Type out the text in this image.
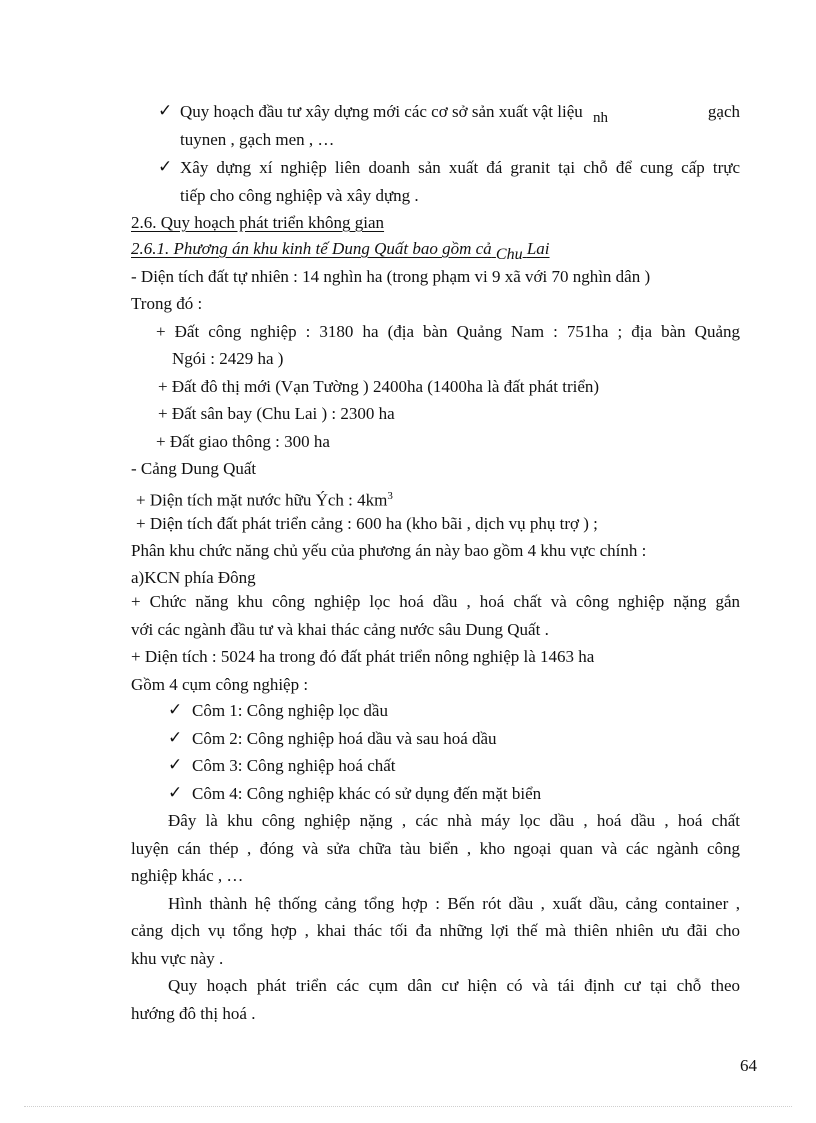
✓ Quy hoạch đầu tư xây dựng mới các cơ sở sản xuất vật liệu nh	gạch
tuynen , gạch men , …
✓ Xây dựng xí nghiệp liên doanh sản xuất đá granit tại chỗ để cung cấp trực
tiếp cho công nghiệp và xây dựng .
2.6. Quy hoạch phát triển không gian
2.6.1. Phương án khu kinh tế Dung Quất bao gồm cả Chu Lai
- Diện tích đất tự nhiên : 14 nghìn ha (trong phạm vi 9 xã với 70 nghìn dân )
Trong đó :
+ Đất công nghiệp : 3180 ha (địa bàn Quảng Nam : 751ha ; địa bàn Quảng
Ngói : 2429 ha )
+ Đất đô thị mới (Vạn Tường ) 2400ha (1400ha là đất phát triển)
+ Đất sân bay (Chu Lai ) : 2300 ha
+ Đất giao thông : 300 ha
- Cảng Dung Quất
+ Diện tích mặt nước hữu Ých : $4km^3$
+ Diện tích đất phát triển cảng : 600 ha (kho bãi , dịch vụ phụ trợ ) ;
Phân khu chức năng chủ yếu của phương án này bao gồm 4 khu vực chính :
a)KCN phía Đông
+ Chức năng khu công nghiệp lọc hoá dầu , hoá chất và công nghiệp nặng gắn
với các ngành đầu tư và khai thác cảng nước sâu Dung Quất .
+ Diện tích : 5024 ha trong đó đất phát triển nông nghiệp là 1463 ha
Gồm 4 cụm công nghiệp :
✓ Côm 1: Công nghiệp lọc dầu
✓ Côm 2: Công nghiệp hoá dầu và sau hoá dầu
✓ Côm 3: Công nghiệp hoá chất
✓ Côm 4: Công nghiệp khác có sử dụng đến mặt biển
Đây là khu công nghiệp nặng , các nhà máy lọc dầu , hoá dầu , hoá chất
luyện cán thép , đóng và sửa chữa tàu biển , kho ngoại quan và các ngành công
nghiệp khác , …
Hình thành hệ thống cảng tổng hợp : Bến rót dầu , xuất dầu, cảng container ,
cảng dịch vụ tổng hợp , khai thác tối đa những lợi thế mà thiên nhiên ưu đãi cho
khu vực này .
Quy hoạch phát triển các cụm dân cư hiện có và tái định cư tại chỗ theo
hướng đô thị hoá .
64
